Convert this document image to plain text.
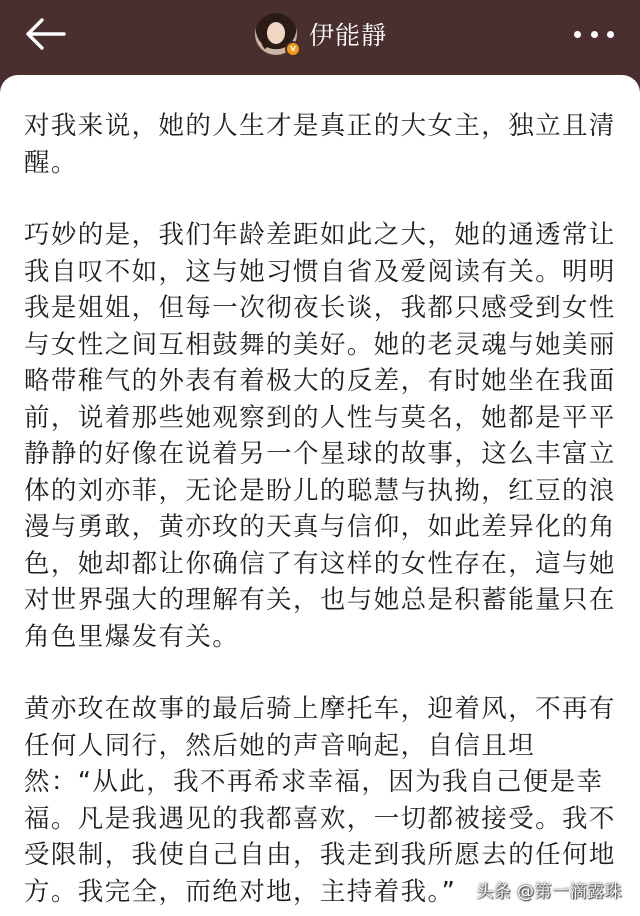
v 伊能靜

对我来说，她的人生才是真正的大女主，独立且清醒。

巧妙的是，我们年龄差距如此之大，她的通透常让我自叹不如，这与她习惯自省及爱阅读有关。明明我是姐姐，但每一次彻夜长谈，我都只感受到女性与女性之间互相鼓舞的美好。她的老灵魂与她美丽略带稚气的外表有着极大的反差，有时她坐在我面前，说着那些她观察到的人性与莫名，她都是平平静静的好像在说着另一个星球的故事，这么丰富立体的刘亦菲，无论是盼儿的聪慧与执拗，红豆的浪漫与勇敢，黄亦玫的天真与信仰，如此差异化的角色，她却都让你确信了有这样的女性存在，這与她对世界强大的理解有关，也与她总是积蓄能量只在角色里爆发有关。

黄亦玫在故事的最后骑上摩托车，迎着风，不再有任何人同行，然后她的声音响起，自信且坦然：“从此，我不再希求幸福，因为我自己便是幸福。凡是我遇见的我都喜欢，一切都被接受。我不受限制，我使自己自由，我走到我所愿去的任何地方。我完全，而绝对地，主持着我。”	头条 @第一滴露珠
